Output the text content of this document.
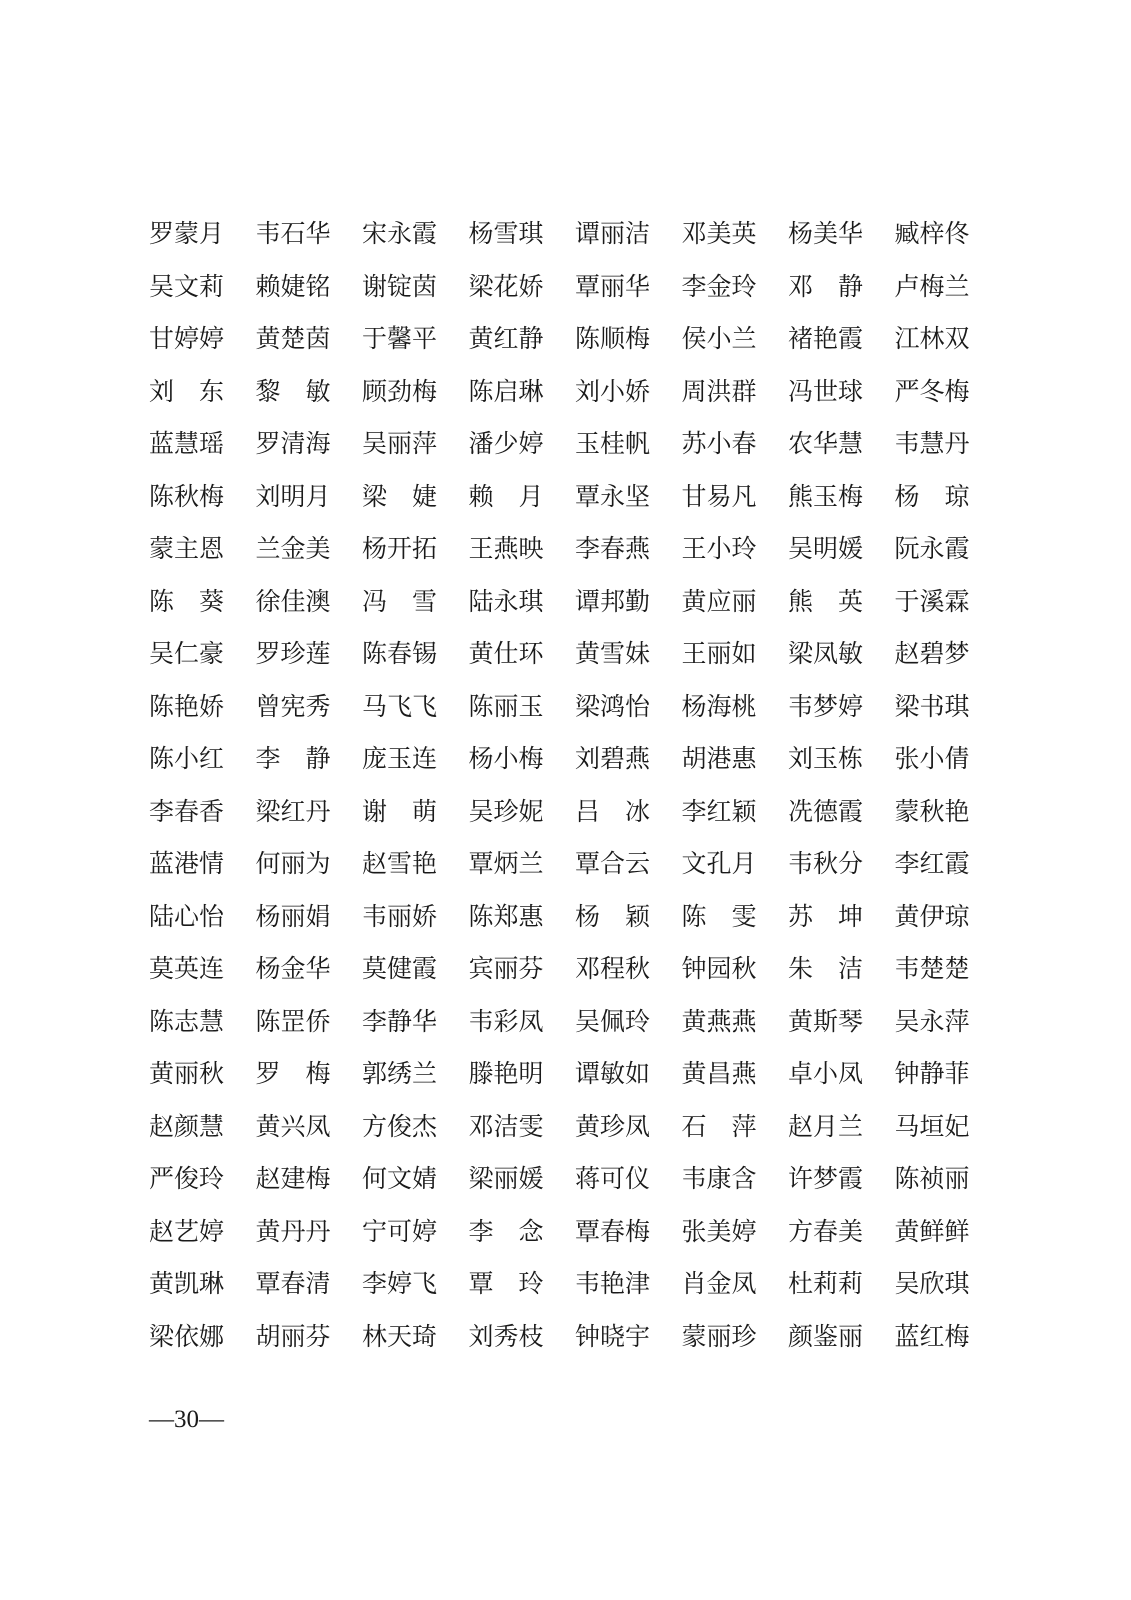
罗蒙月	韦石华	宋永霞	杨雪琪	谭丽洁	邓美英	杨美华	臧梓佟
吴文莉	赖婕铭	谢锭茵	梁花娇	覃丽华	李金玲	邓　静	卢梅兰
甘婷婷	黄楚茵	于馨平	黄红静	陈顺梅	侯小兰	褚艳霞	江林双
刘　东	黎　敏	顾劲梅	陈启琳	刘小娇	周洪群	冯世球	严冬梅
蓝慧瑶	罗清海	吴丽萍	潘少婷	玉桂帆	苏小春	农华慧	韦慧丹
陈秋梅	刘明月	梁　婕	赖　月	覃永坚	甘易凡	熊玉梅	杨　琼
蒙主恩	兰金美	杨开拓	王燕映	李春燕	王小玲	吴明媛	阮永霞
陈　葵	徐佳澳	冯　雪	陆永琪	谭邦勤	黄应丽	熊　英	于溪霖
吴仁豪	罗珍莲	陈春锡	黄仕环	黄雪妹	王丽如	梁凤敏	赵碧梦
陈艳娇	曾宪秀	马飞飞	陈丽玉	梁鸿怡	杨海桃	韦梦婷	梁书琪
陈小红	李　静	庞玉连	杨小梅	刘碧燕	胡港惠	刘玉栋	张小倩
李春香	梁红丹	谢　萌	吴珍妮	吕　冰	李红颖	冼德霞	蒙秋艳
蓝港情	何丽为	赵雪艳	覃炳兰	覃合云	文孔月	韦秋分	李红霞
陆心怡	杨丽娟	韦丽娇	陈郑惠	杨　颖	陈　雯	苏　坤	黄伊琼
莫英连	杨金华	莫健霞	宾丽芬	邓程秋	钟园秋	朱　洁	韦楚楚
陈志慧	陈罡侨	李静华	韦彩凤	吴佩玲	黄燕燕	黄斯琴	吴永萍
黄丽秋	罗　梅	郭绣兰	滕艳明	谭敏如	黄昌燕	卓小凤	钟静菲
赵颜慧	黄兴凤	方俊杰	邓洁雯	黄珍凤	石　萍	赵月兰	马垣妃
严俊玲	赵建梅	何文婧	梁丽媛	蒋可仪	韦康含	许梦霞	陈祯丽
赵艺婷	黄丹丹	宁可婷	李　念	覃春梅	张美婷	方春美	黄鲜鲜
黄凯琳	覃春清	李婷飞	覃　玲	韦艳津	肖金凤	杜莉莉	吴欣琪
梁依娜	胡丽芬	林天琦	刘秀枝	钟晓宇	蒙丽珍	颜鉴丽	蓝红梅
—30—
